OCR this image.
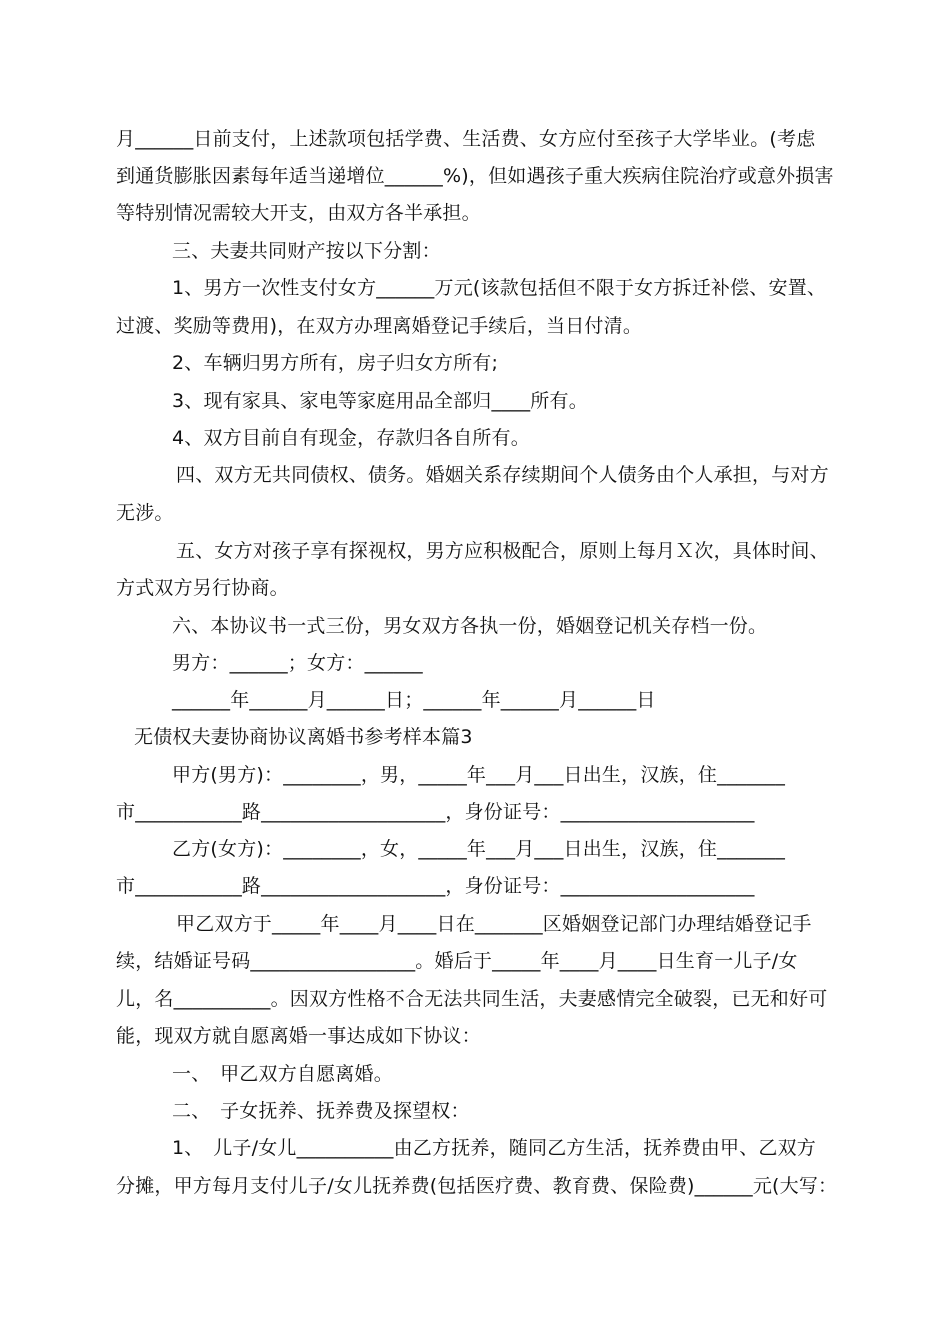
月______日前支付，上述款项包括学费、生活费、女方应付至孩子大学毕业。(考虑
到通货膨胀因素每年适当递增位______%)，但如遇孩子重大疾病住院治疗或意外损害
等特别情况需较大开支，由双方各半承担。
三、夫妻共同财产按以下分割：
1、男方一次性支付女方______万元(该款包括但不限于女方拆迁补偿、安置、
过渡、奖励等费用)，在双方办理离婚登记手续后，当日付清。
2、车辆归男方所有，房子归女方所有;
3、现有家具、家电等家庭用品全部归____所有。
4、双方目前自有现金，存款归各自所有。
四、双方无共同债权、债务。婚姻关系存续期间个人债务由个人承担，与对方
无涉。
五、女方对孩子享有探视权，男方应积极配合，原则上每月Ｘ次，具体时间、
方式双方另行协商。
六、本协议书一式三份，男女双方各执一份，婚姻登记机关存档一份。
男方：______；女方：______
______年______月______日；______年______月______日
无债权夫妻协商协议离婚书参考样本篇3
甲方(男方)：________，男，_____年___月___日出生，汉族，住_______
市___________路___________________，身份证号：____________________
乙方(女方)：________，女，_____年___月___日出生，汉族，住_______
市___________路___________________，身份证号：____________________
甲乙双方于_____年____月____日在_______区婚姻登记部门办理结婚登记手
续，结婚证号码_________________。婚后于_____年____月____日生育一儿子/女
儿，名__________。因双方性格不合无法共同生活，夫妻感情完全破裂，已无和好可
能，现双方就自愿离婚一事达成如下协议：
一、　甲乙双方自愿离婚。
二、　子女抚养、抚养费及探望权：
1、　儿子/女儿__________由乙方抚养，随同乙方生活，抚养费由甲、乙双方
分摊，甲方每月支付儿子/女儿抚养费(包括医疗费、教育费、保险费)______元(大写：
